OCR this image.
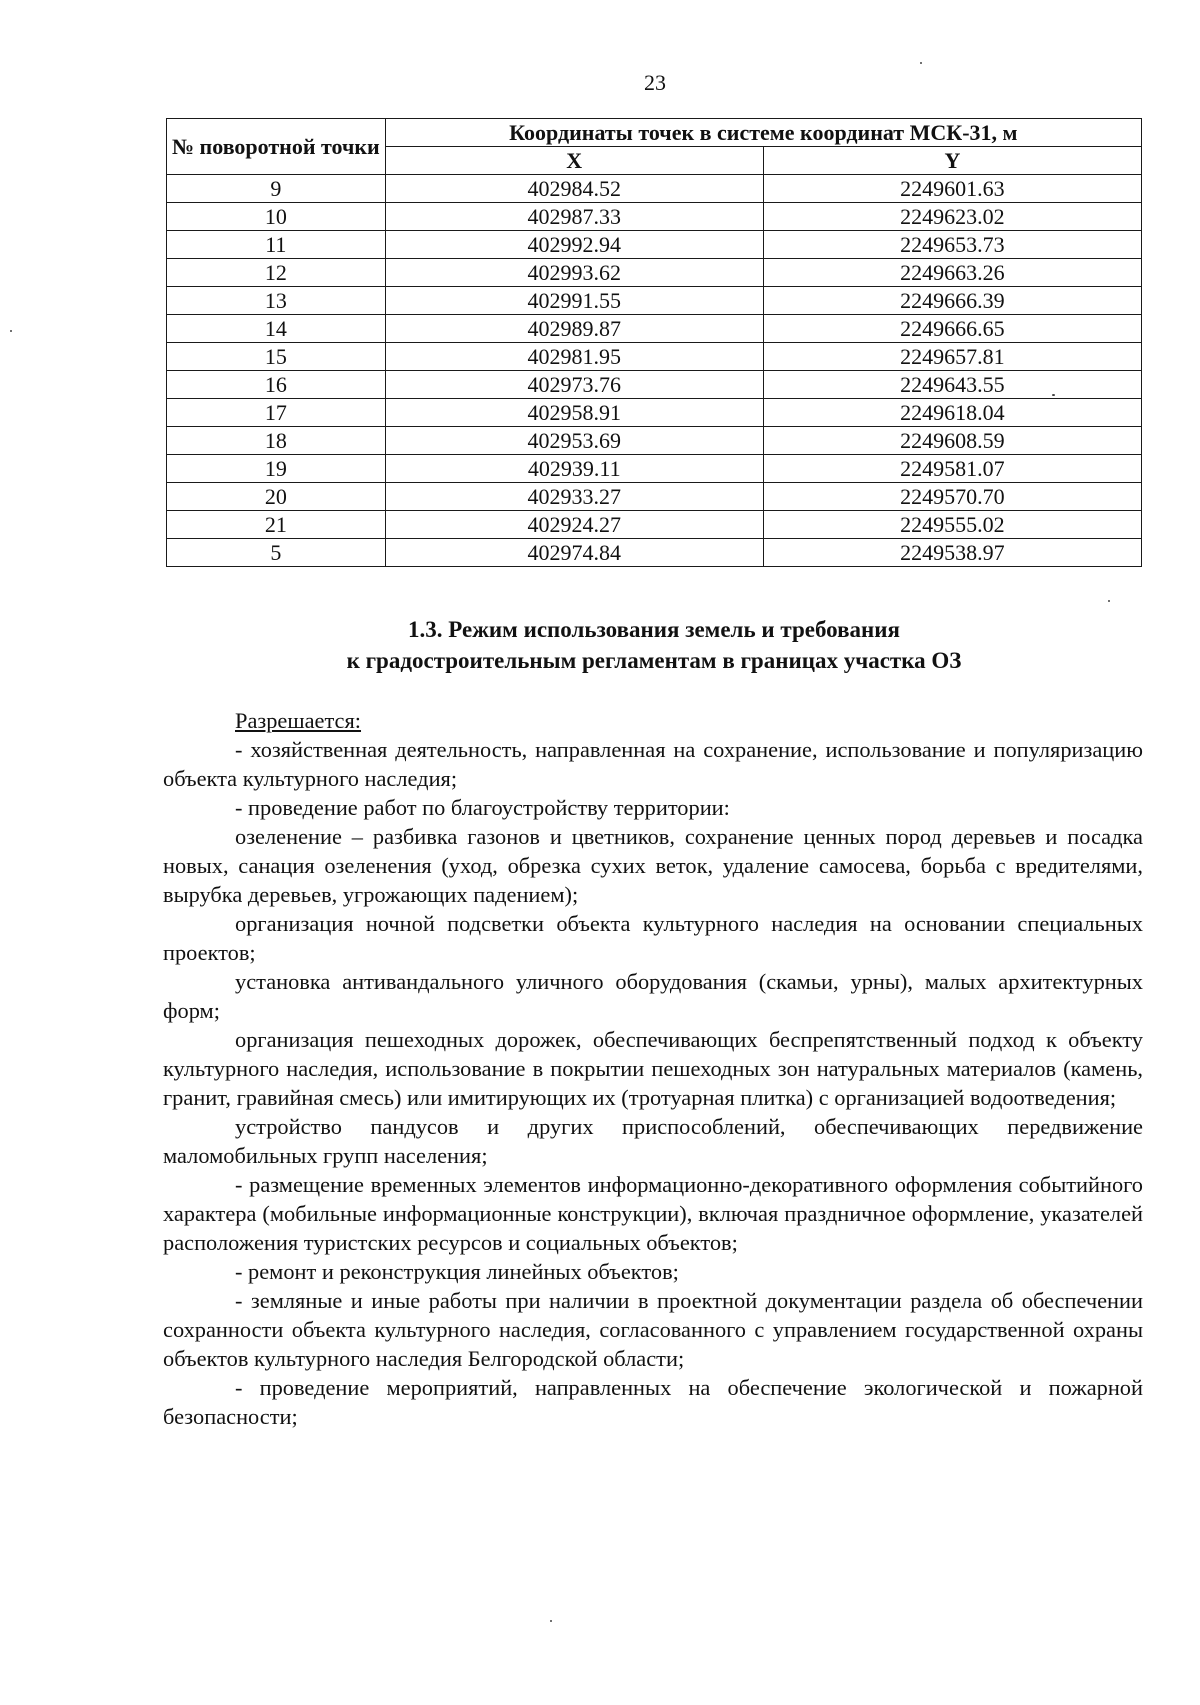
23
№ поворотной точки	Координаты точек в системе координат МСК-31, м	
	X	Y
9	402984.52	2249601.63
10	402987.33	2249623.02
11	402992.94	2249653.73
12	402993.62	2249663.26
13	402991.55	2249666.39
14	402989.87	2249666.65
15	402981.95	2249657.81
16	402973.76	2249643.55
17	402958.91	2249618.04
18	402953.69	2249608.59
19	402939.11	2249581.07
20	402933.27	2249570.70
21	402924.27	2249555.02
5	402974.84	2249538.97
1.3. Режим использования земель и требования
к градостроительным регламентам в границах участка ОЗ

Разрешается:

- хозяйственная деятельность, направленная на сохранение, использование и популяризацию объекта культурного наследия;

- проведение работ по благоустройству территории:

озеленение – разбивка газонов и цветников, сохранение ценных пород деревьев и посадка новых, санация озеленения (уход, обрезка сухих веток, удаление самосева, борьба с вредителями, вырубка деревьев, угрожающих падением);

организация ночной подсветки объекта культурного наследия на основании специальных проектов;

установка антивандального уличного оборудования (скамьи, урны), малых архитектурных форм;

организация пешеходных дорожек, обеспечивающих беспрепятственный подход к объекту культурного наследия, использование в покрытии пешеходных зон натуральных материалов (камень, гранит, гравийная смесь) или имитирующих их (тротуарная плитка) с организацией водоотведения;

устройство пандусов и других приспособлений, обеспечивающих передвижение маломобильных групп населения;

- размещение временных элементов информационно-декоративного оформления событийного характера (мобильные информационные конструкции), включая праздничное оформление, указателей расположения туристских ресурсов и социальных объектов;

- ремонт и реконструкция линейных объектов;

- земляные и иные работы при наличии в проектной документации раздела об обеспечении сохранности объекта культурного наследия, согласованного с управлением государственной охраны объектов культурного наследия Белгородской области;

- проведение мероприятий, направленных на обеспечение экологической и пожарной безопасности;
